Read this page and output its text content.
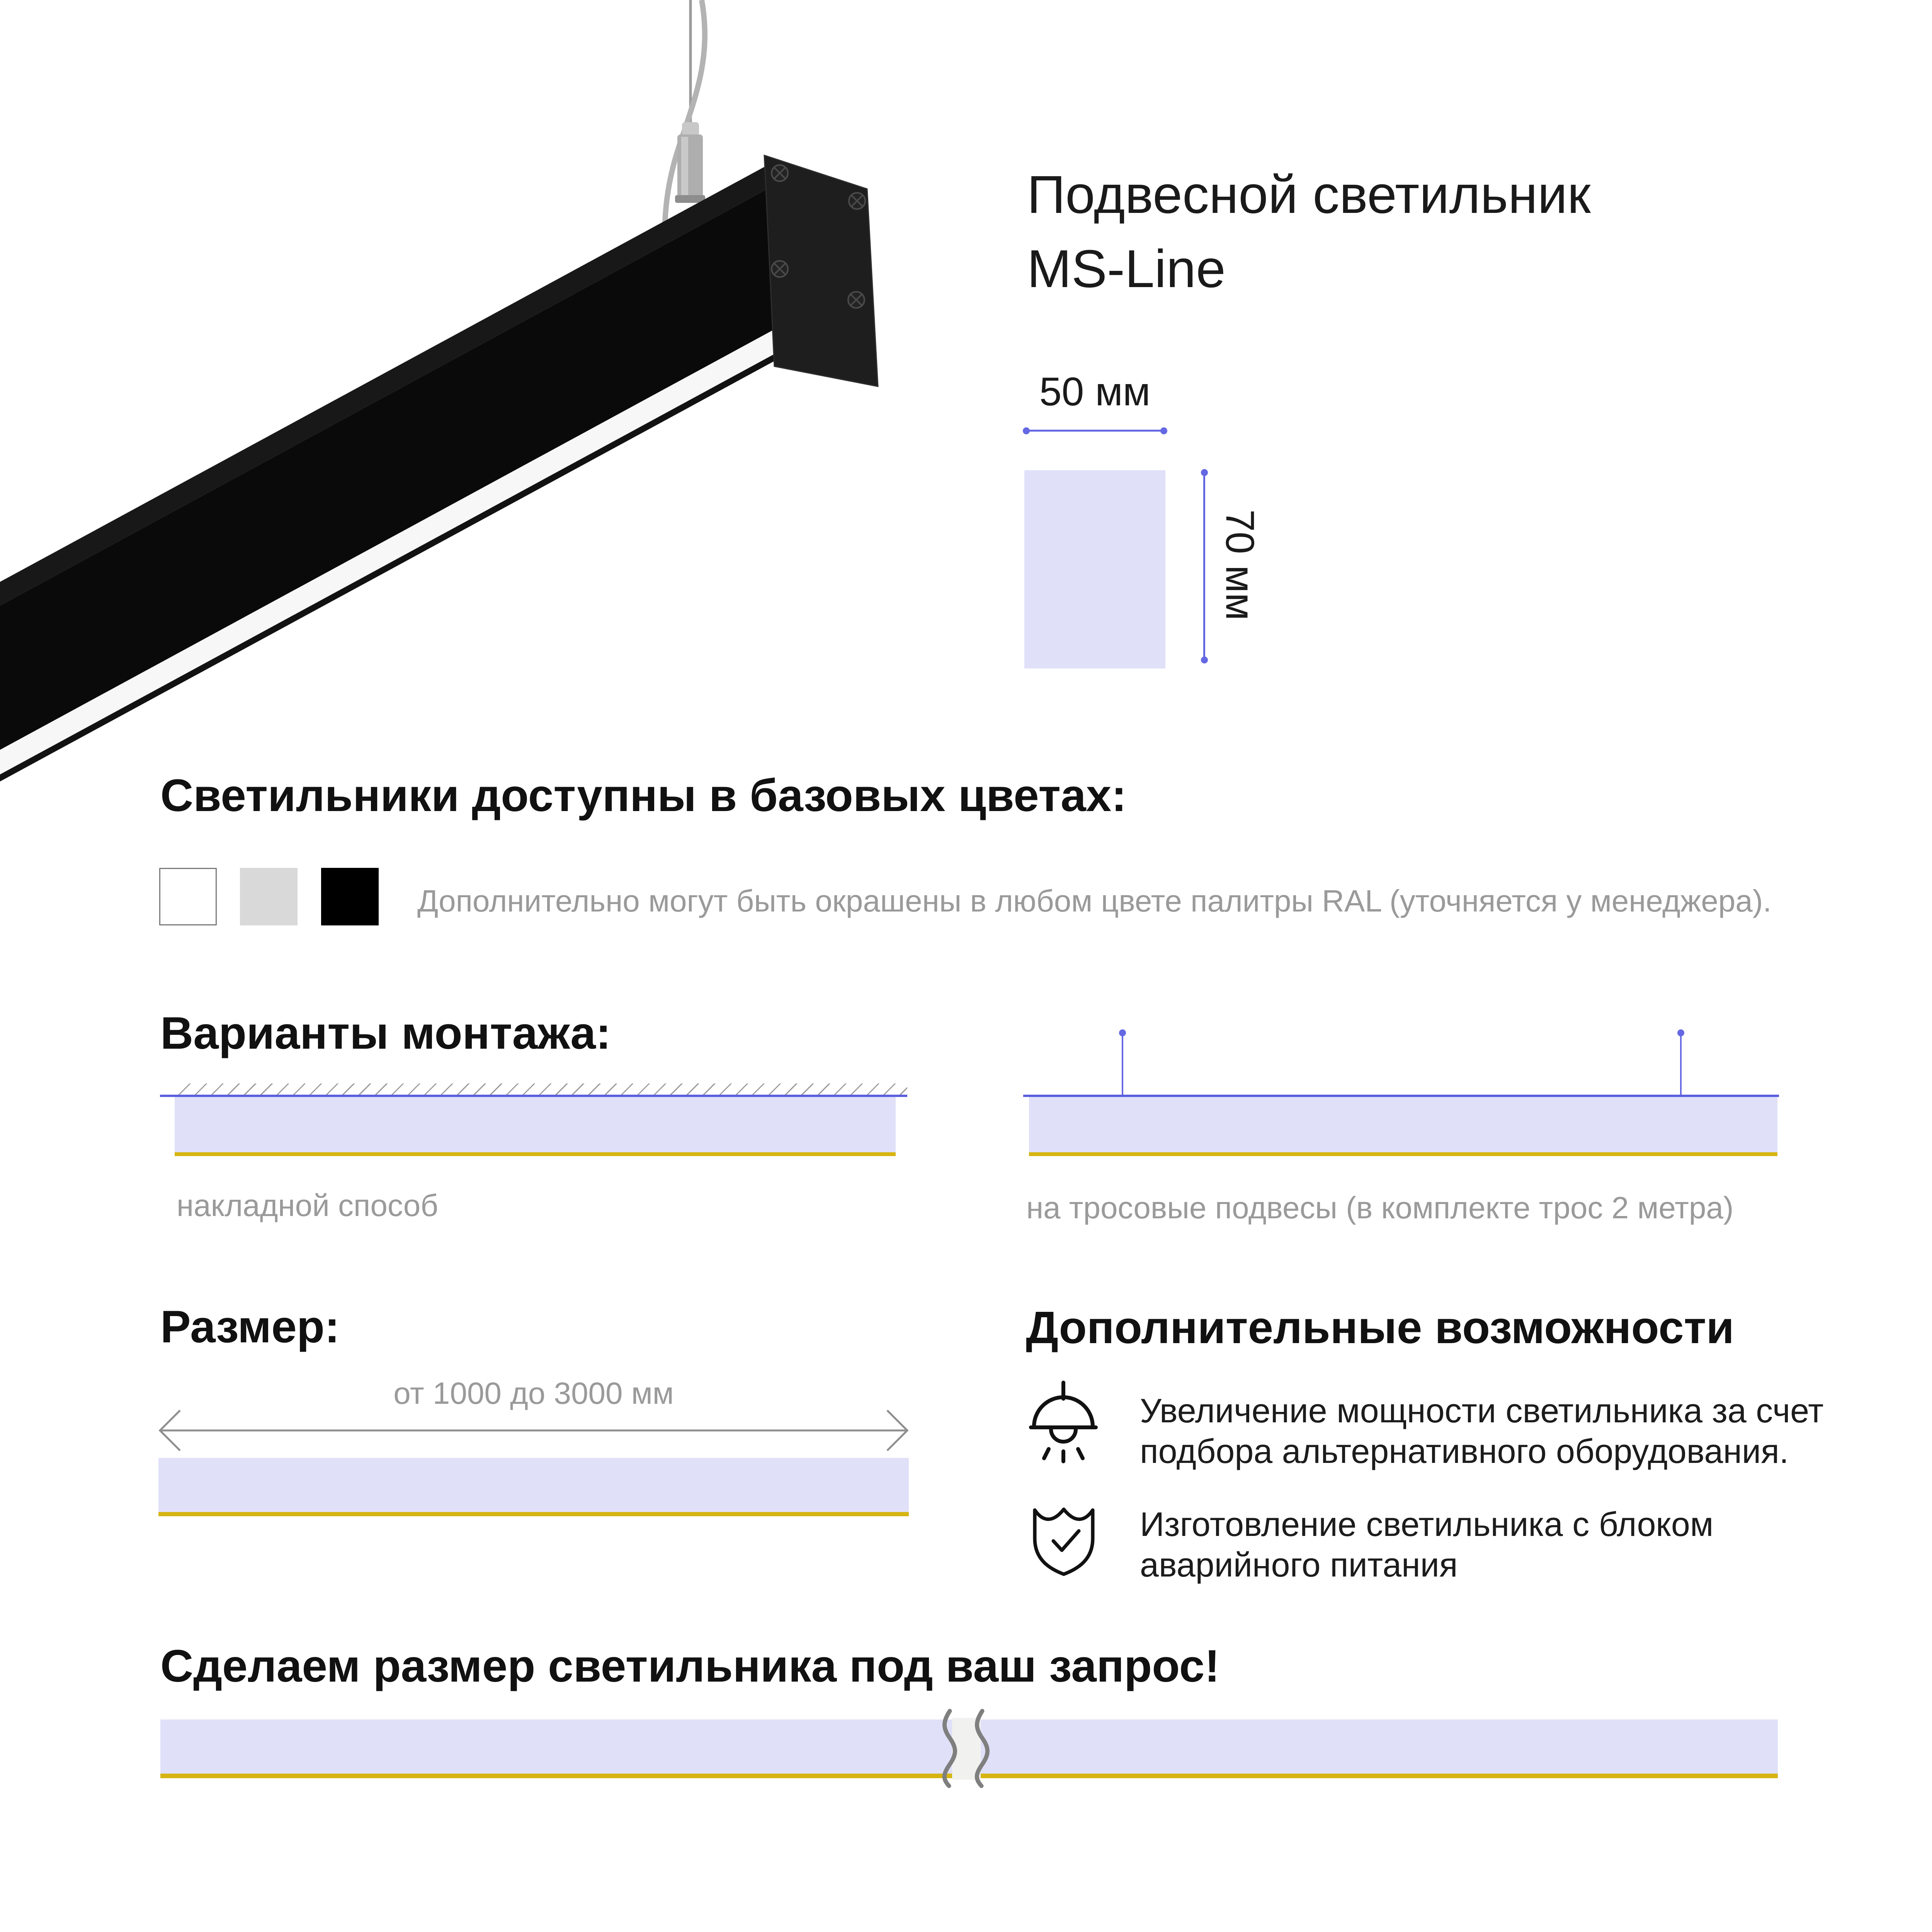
Подвесной светильник
MS-Line
50 мм
70 мм
Светильники доступны в базовых цветах:
Дополнительно могут быть окрашены в любом цвете палитры RAL (уточняется у менеджера).
Варианты монтажа:
накладной способ	на тросовые подвесы (в комплекте трос 2 метра)
Размер:
от 1000 до 3000 мм
Дополнительные возможности
Увеличение мощности светильника за счет
подбора альтернативного оборудования.
Изготовление светильника с блоком
аварийного питания
Сделаем размер светильника под ваш запрос!
